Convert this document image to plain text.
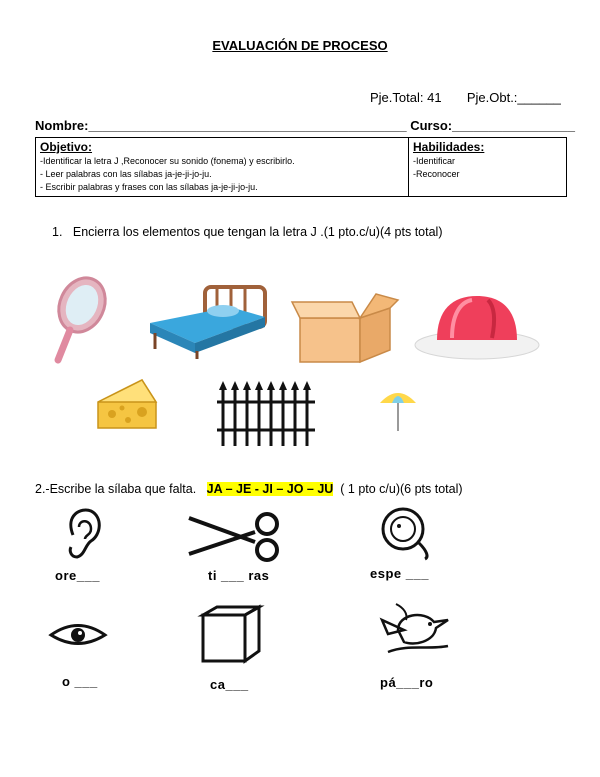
EVALUACIÓN DE PROCESO
Pje.Total: 41 Pje.Obt.:______
Nombre:____________________________________________ Curso:_________________
Objetivo:
-Identificar la letra J ,Reconocer su sonido (fonema) y escribirlo.
- Leer palabras con las sílabas ja-je-ji-jo-ju.
- Escribir palabras y frases con las sílabas ja-je-ji-jo-ju.

Habilidades:
-Identificar
-Reconocer
1. Encierra los elementos que tengan la letra J .(1 pto.c/u)(4 pts total)
2.-Escribe la sílaba que falta. JA – JE - JI – JO – JU ( 1 pto c/u)(6 pts total)
ore___	ti ___ ras	espe ___
o ___	ca___	pá___ro
